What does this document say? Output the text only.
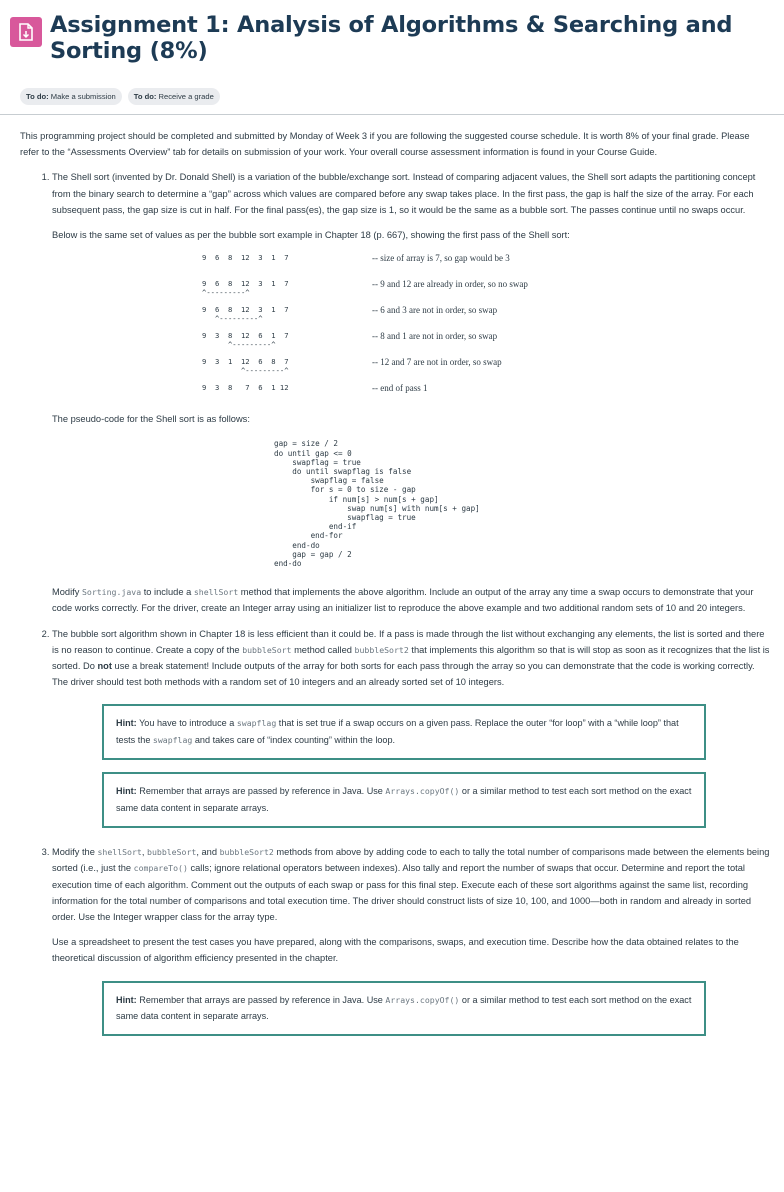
Assignment 1: Analysis of Algorithms & Searching and Sorting (8%)
To do: Make a submission	To do: Receive a grade

This programming project should be completed and submitted by Monday of Week 3 if you are following the suggested course schedule. It is worth 8% of your final grade. Please refer to the “Assessments Overview” tab for details on submission of your work. Your overall course assessment information is found in your Course Guide.

1. The Shell sort (invented by Dr. Donald Shell) is a variation of the bubble/exchange sort. Instead of comparing adjacent values, the Shell sort adapts the partitioning concept from the binary search to determine a “gap” across which values are compared before any swap takes place. In the first pass, the gap is half the size of the array. For each subsequent pass, the gap size is cut in half. For the final pass(es), the gap size is 1, so it would be the same as a bubble sort. The passes continue until no swaps occur.

Below is the same set of values as per the bubble sort example in Chapter 18 (p. 667), showing the first pass of the Shell sort:

9  6  8  12  3  1  7	-- size of array is 7, so gap would be 3
9  6  8  12  3  1  7
^---------^
-- 9 and 12 are already in order, so no swap
9  6  8  12  3  1  7
^---------^
-- 6 and 3 are not in order, so swap
9  3  8  12  6  1  7
^---------^
-- 8 and 1 are not in order, so swap
9  3  1  12  6  8  7
^---------^
-- 12 and 7 are not in order, so swap
9  3  8   7  6  1 12	-- end of pass 1

The pseudo-code for the Shell sort is as follows:

gap = size / 2
do until gap <= 0
swapflag = true
do until swapflag is false
swapflag = false
for s = 0 to size - gap
if num[s] > num[s + gap]
swap num[s] with num[s + gap]
swapflag = true
end-if
end-for
end-do
gap = gap / 2
end-do

Modify Sorting.java to include a shellSort method that implements the above algorithm. Include an output of the array any time a swap occurs to demonstrate that your code works correctly. For the driver, create an Integer array using an initializer list to reproduce the above example and two additional random sets of 10 and 20 integers.

2. The bubble sort algorithm shown in Chapter 18 is less efficient than it could be. If a pass is made through the list without exchanging any elements, the list is sorted and there is no reason to continue. Create a copy of the bubbleSort method called bubbleSort2 that implements this algorithm so that is will stop as soon as it recognizes that the list is sorted. Do not use a break statement! Include outputs of the array for both sorts for each pass through the array so you can demonstrate that the code is working correctly. The driver should test both methods with a random set of 10 integers and an already sorted set of 10 integers.

Hint: You have to introduce a swapflag that is set true if a swap occurs on a given pass. Replace the outer “for loop” with a “while loop” that tests the swapflag and takes care of “index counting” within the loop.
Hint: Remember that arrays are passed by reference in Java. Use Arrays.copyOf() or a similar method to test each sort method on the exact same data content in separate arrays.

3. Modify the shellSort, bubbleSort, and bubbleSort2 methods from above by adding code to each to tally the total number of comparisons made between the elements being sorted (i.e., just the compareTo() calls; ignore relational operators between indexes). Also tally and report the number of swaps that occur. Determine and report the total execution time of each algorithm. Comment out the outputs of each swap or pass for this final step. Execute each of these sort algorithms against the same list, recording information for the total number of comparisons and total execution time. The driver should construct lists of size 10, 100, and 1000—both in random and already in sorted order. Use the Integer wrapper class for the array type.

Use a spreadsheet to present the test cases you have prepared, along with the comparisons, swaps, and execution time. Describe how the data obtained relates to the theoretical discussion of algorithm efficiency presented in the chapter.

Hint: Remember that arrays are passed by reference in Java. Use Arrays.copyOf() or a similar method to test each sort method on the exact same data content in separate arrays.
